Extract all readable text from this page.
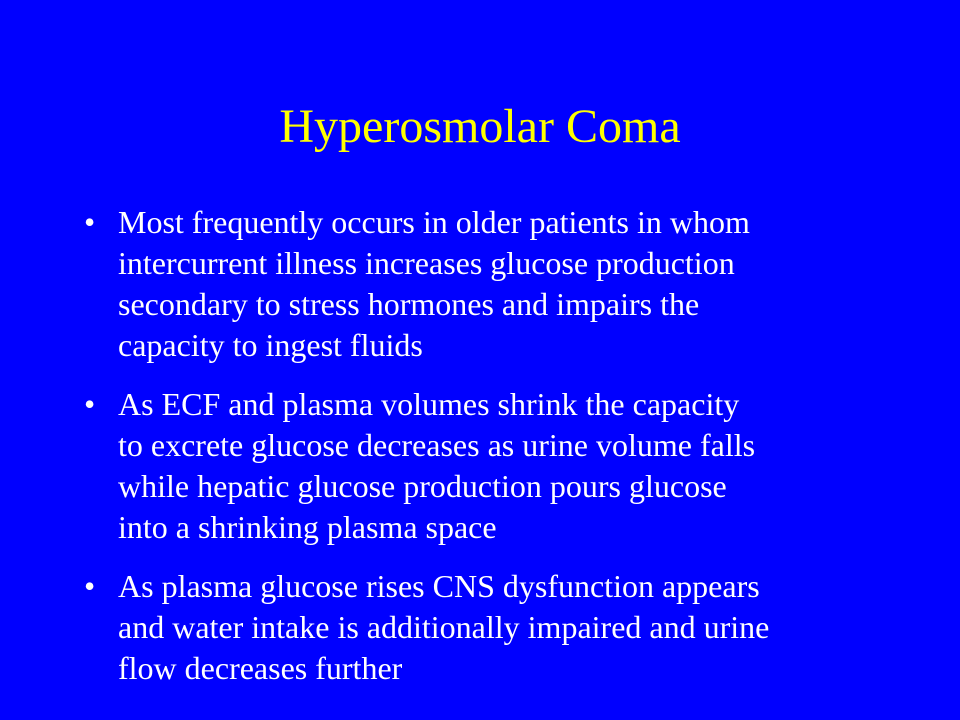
Hyperosmolar Coma
• Most frequently occurs in older patients in whom
intercurrent illness increases glucose production
secondary to stress hormones and impairs the
capacity to ingest fluids
• As ECF and plasma volumes shrink the capacity
to excrete glucose decreases as urine volume falls
while hepatic glucose production pours glucose
into a shrinking plasma space
• As plasma glucose rises CNS dysfunction appears
and water intake is additionally impaired and urine
flow decreases further
